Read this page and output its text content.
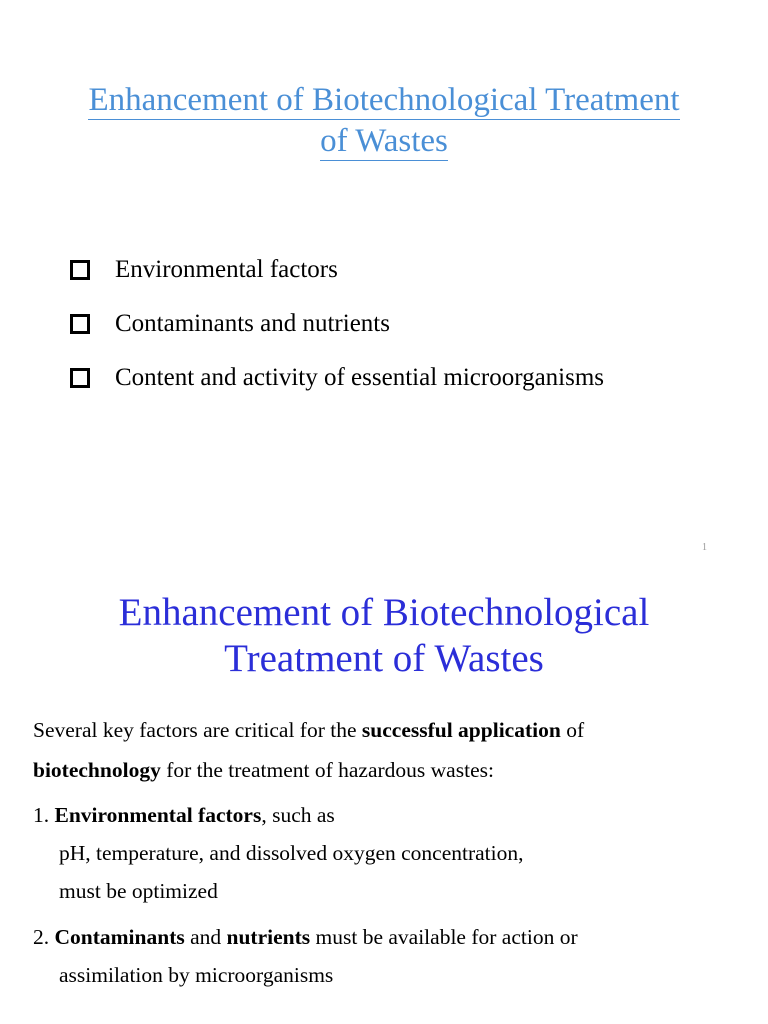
Enhancement of Biotechnological Treatment
of Wastes
Environmental factors
Contaminants and nutrients
Content and activity of essential microorganisms
1
Enhancement of Biotechnological
Treatment of Wastes

Several key factors are critical for the successful application of
biotechnology for the treatment of hazardous wastes:

1. Environmental factors, such as
pH, temperature, and dissolved oxygen concentration,
must be optimized
2. Contaminants and nutrients must be available for action or
assimilation by microorganisms
